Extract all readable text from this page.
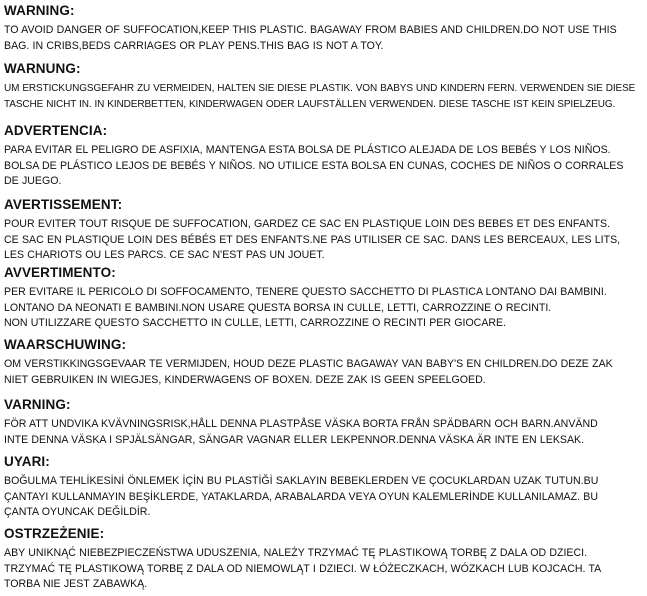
WARNING:

TO AVOID DANGER OF SUFFOCATION,KEEP THIS PLASTIC. BAGAWAY FROM BABIES AND CHILDREN.DO NOT USE THIS
BAG. IN CRIBS,BEDS CARRIAGES OR PLAY PENS.THIS BAG IS NOT A TOY.

WARNUNG:

UM ERSTICKUNGSGEFAHR ZU VERMEIDEN, HALTEN SIE DIESE PLASTIK. VON BABYS UND KINDERN FERN. VERWENDEN SIE DIESE
TASCHE NICHT IN. IN KINDERBETTEN, KINDERWAGEN ODER LAUFSTÄLLEN VERWENDEN. DIESE TASCHE IST KEIN SPIELZEUG.

ADVERTENCIA:

PARA EVITAR EL PELIGRO DE ASFIXIA, MANTENGA ESTA BOLSA DE PLÁSTICO ALEJADA DE LOS BEBÉS Y LOS NIÑOS.
BOLSA DE PLÁSTICO LEJOS DE BEBÉS Y NIÑOS. NO UTILICE ESTA BOLSA EN CUNAS, COCHES DE NIÑOS O CORRALES
DE JUEGO.

AVERTISSEMENT:

POUR EVITER TOUT RISQUE DE SUFFOCATION, GARDEZ CE SAC EN PLASTIQUE LOIN DES BEBES ET DES ENFANTS.
CE SAC EN PLASTIQUE LOIN DES BÉBÉS ET DES ENFANTS.NE PAS UTILISER CE SAC. DANS LES BERCEAUX, LES LITS,
LES CHARIOTS OU LES PARCS. CE SAC N'EST PAS UN JOUET.

AVVERTIMENTO:

PER EVITARE IL PERICOLO DI SOFFOCAMENTO, TENERE QUESTO SACCHETTO DI PLASTICA LONTANO DAI BAMBINI.
LONTANO DA NEONATI E BAMBINI.NON USARE QUESTA BORSA IN CULLE, LETTI, CARROZZINE O RECINTI.
NON UTILIZZARE QUESTO SACCHETTO IN CULLE, LETTI, CARROZZINE O RECINTI PER GIOCARE.

WAARSCHUWING:

OM VERSTIKKINGSGEVAAR TE VERMIJDEN, HOUD DEZE PLASTIC BAGAWAY VAN BABY'S EN CHILDREN.DO DEZE ZAK
NIET GEBRUIKEN IN WIEGJES, KINDERWAGENS OF BOXEN. DEZE ZAK IS GEEN SPEELGOED.

VARNING:

FÖR ATT UNDVIKA KVÄVNINGSRISK,HÅLL DENNA PLASTPÅSE VÄSKA BORTA FRÅN SPÄDBARN OCH BARN.ANVÄND
INTE DENNA VÄSKA I SPJÄLSÄNGAR, SÄNGAR VAGNAR ELLER LEKPENNOR.DENNA VÄSKA ÄR INTE EN LEKSAK.

UYARI:

BOĞULMA TEHLİKESİNİ ÖNLEMEK İÇİN BU PLASTİĞİ SAKLAYIN BEBEKLERDEN VE ÇOCUKLARDAN UZAK TUTUN.BU
ÇANTAYI KULLANMAYIN BEŞİKLERDE, YATAKLARDA, ARABALARDA VEYA OYUN KALEMLERİNDE KULLANILAMAZ. BU
ÇANTA OYUNCAK DEĞİLDİR.

OSTRZEŻENIE:

ABY UNIKNĄĆ NIEBEZPIECZEŃSTWA UDUSZENIA, NALEŻY TRZYMAĆ TĘ PLASTIKOWĄ TORBĘ Z DALA OD DZIECI.
TRZYMAĆ TĘ PLASTIKOWĄ TORBĘ Z DALA OD NIEMOWLĄT I DZIECI. W ŁÓŻECZKACH, WÓZKACH LUB KOJCACH. TA
TORBA NIE JEST ZABAWKĄ.
